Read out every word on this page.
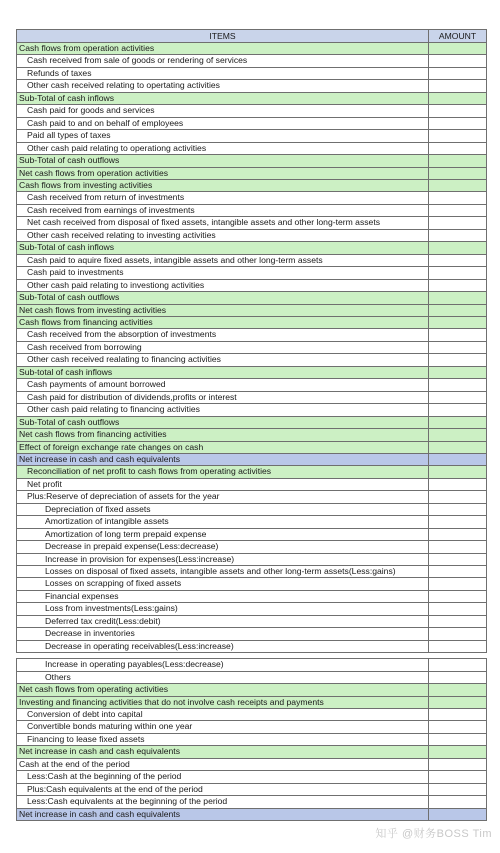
ITEMS	AMOUNT
Cash flows from operation activities	
Cash received from sale of goods or rendering of services	
Refunds of taxes	
Other cash received relating to opertating activities	
Sub-Total of cash inflows	
Cash paid for goods and services	
Cash paid to and on behalf of employees	
Paid all types of taxes	
Other cash paid relating to operationg activities	
Sub-Total of cash outflows	
Net cash flows from operation activities	
Cash flows from investing activities	
Cash received from return of investments	
Cash received from earnings of investments	
Net cash received from disposal of fixed assets, intangible assets and other long-term assets	
Other cash received relating to investing activities	
Sub-Total of cash inflows	
Cash paid to aquire fixed assets, intangible assets and other long-term assets	
Cash paid to investments	
Other cash paid relating to investiong activities	
Sub-Total of cash outflows	
Net cash flows from investing activities	
Cash flows from financing activities	
Cash received from the absorption of investments	
Cash received from borrowing	
Other cash received realating to financing activities	
Sub-total of cash inflows	
Cash payments of amount borrowed	
Cash paid for distribution of dividends,profits or interest	
Other cash paid relating to financing activities	
Sub-Total of cash outflows	
Net cash flows from financing activities	
Effect of foreign exchange rate changes on cash	
Net increase in cash and cash equivalents	
Reconciliation of net profit to cash flows from operating activities	
Net profit	
Plus:Reserve of depreciation of assets for the year	
Depreciation of fixed assets	
Amortization of intangible assets	
Amortization of long term prepaid expense	
Decrease in prepaid expense(Less:decrease)	
Increase in provision for expenses(Less:increase)	
Losses on disposal of fixed assets, intangible assets and other long-term assets(Less:gains)	
Losses on scrapping of fixed assets	
Financial expenses	
Loss from investments(Less:gains)	
Deferred tax credit(Less:debit)	
Decrease in inventories	
Decrease in operating receivables(Less:increase)	

Increase in operating payables(Less:decrease)	
Others	
Net cash flows from operating activities	
Investing and financing activities that do not involve cash receipts and payments	
Conversion of debt into capital	
Convertible bonds maturing within one year	
Financing to lease fixed assets	
Net increase in cash and cash equivalents	
Cash at the end of the period	
Less:Cash at the beginning of the period	
Plus:Cash equivalents at the end of the period	
Less:Cash equivalents at the beginning of the period	
Net increase in cash and cash equivalents	
知乎 @财务BOSS Tim
